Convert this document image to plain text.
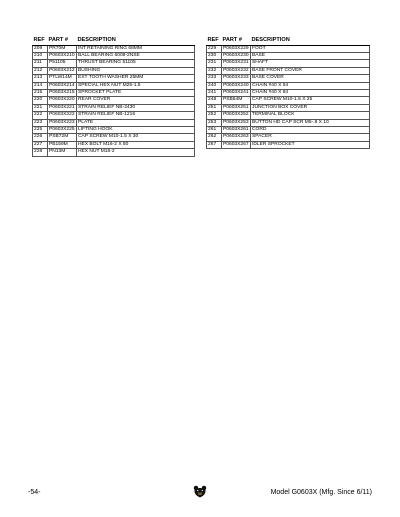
REF	PART #	DESCRIPTION
209	PR70M	INT RETAINING RING 68MM
210	P0603X210	BALL BEARING 6008-2NSE
211	P51105	THRUST BEARING 51105
212	P0603X212	BUSHING
213	PTLW14M	EXT TOOTH WASHER 25MM
214	P0603X214	SPECIAL HEX NUT M25-1.5
215	P0603X215	SPROCKET PLATE
220	P0603X220	REAR COVER
221	P0603X221	STRAIN RELIEF NB-2430
222	P0603X222	STRAIN RELIEF NB-1216
223	P0603X223	PLATE
225	P0603X225	LIFTING HOOK
226	PSB72M	CAP SCREW M10-1.5 X 30
227	PB159M	HEX BOLT M16-2 X 80
228	PN13M	HEX NUT M16-2
REF	PART #	DESCRIPTION
229	P0603X229	FOOT
230	P0603X230	BASE
231	P0603X231	SHAFT
232	P0603X232	BASE FRONT COVER
233	P0603X233	BASE COVER
240	P0603X240	CHAIN #40 X 54
241	P0603X241	CHAIN #40 X 84
248	PSB64M	CAP SCREW M10-1.5 X 25
251	P0603X251	JUNCTION BOX COVER
252	P0603X252	TERMINAL BLOCK
253	P0603X253	BUTTON HD CAP SCR M5-.8 X 10
261	P0603X261	CORD
262	P0603X263	SPACER
267	P0603X267	IDLER SPROCKET
-54-	Model G0603X (Mfg. Since 6/11)
